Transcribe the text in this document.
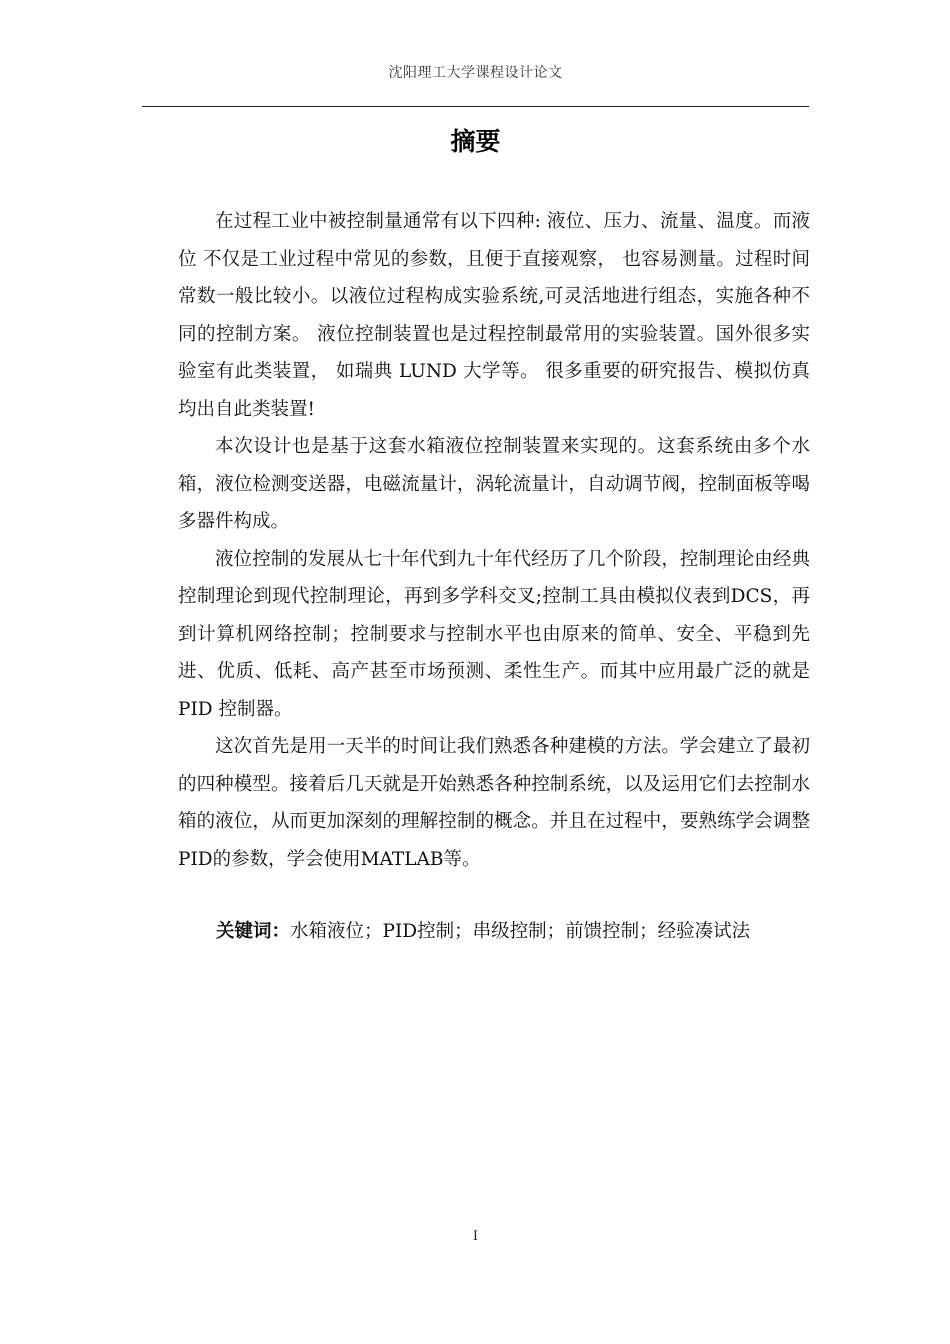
沈阳理工大学课程设计论文
摘要

在过程工业中被控制量通常有以下四种: 液位、压力、流量、温度。而液位 不仅是工业过程中常见的参数，且便于直接观察， 也容易测量。过程时间常数一般比较小。以液位过程构成实验系统,可灵活地进行组态，实施各种不同的控制方案。 液位控制装置也是过程控制最常用的实验装置。国外很多实验室有此类装置， 如瑞典 LUND 大学等。 很多重要的研究报告、模拟仿真均出自此类装置!

本次设计也是基于这套水箱液位控制装置来实现的。这套系统由多个水箱，液位检测变送器，电磁流量计，涡轮流量计，自动调节阀，控制面板等喝多器件构成。

液位控制的发展从七十年代到九十年代经历了几个阶段，控制理论由经典控制理论到现代控制理论，再到多学科交叉;控制工具由模拟仪表到DCS，再到计算机网络控制；控制要求与控制水平也由原来的简单、安全、平稳到先进、优质、低耗、高产甚至市场预测、柔性生产。而其中应用最广泛的就是PID 控制器。

这次首先是用一天半的时间让我们熟悉各种建模的方法。学会建立了最初的四种模型。接着后几天就是开始熟悉各种控制系统，以及运用它们去控制水箱的液位，从而更加深刻的理解控制的概念。并且在过程中，要熟练学会调整PID的参数，学会使用MATLAB等。

关键词：水箱液位；PID控制；串级控制；前馈控制；经验凑试法
I
